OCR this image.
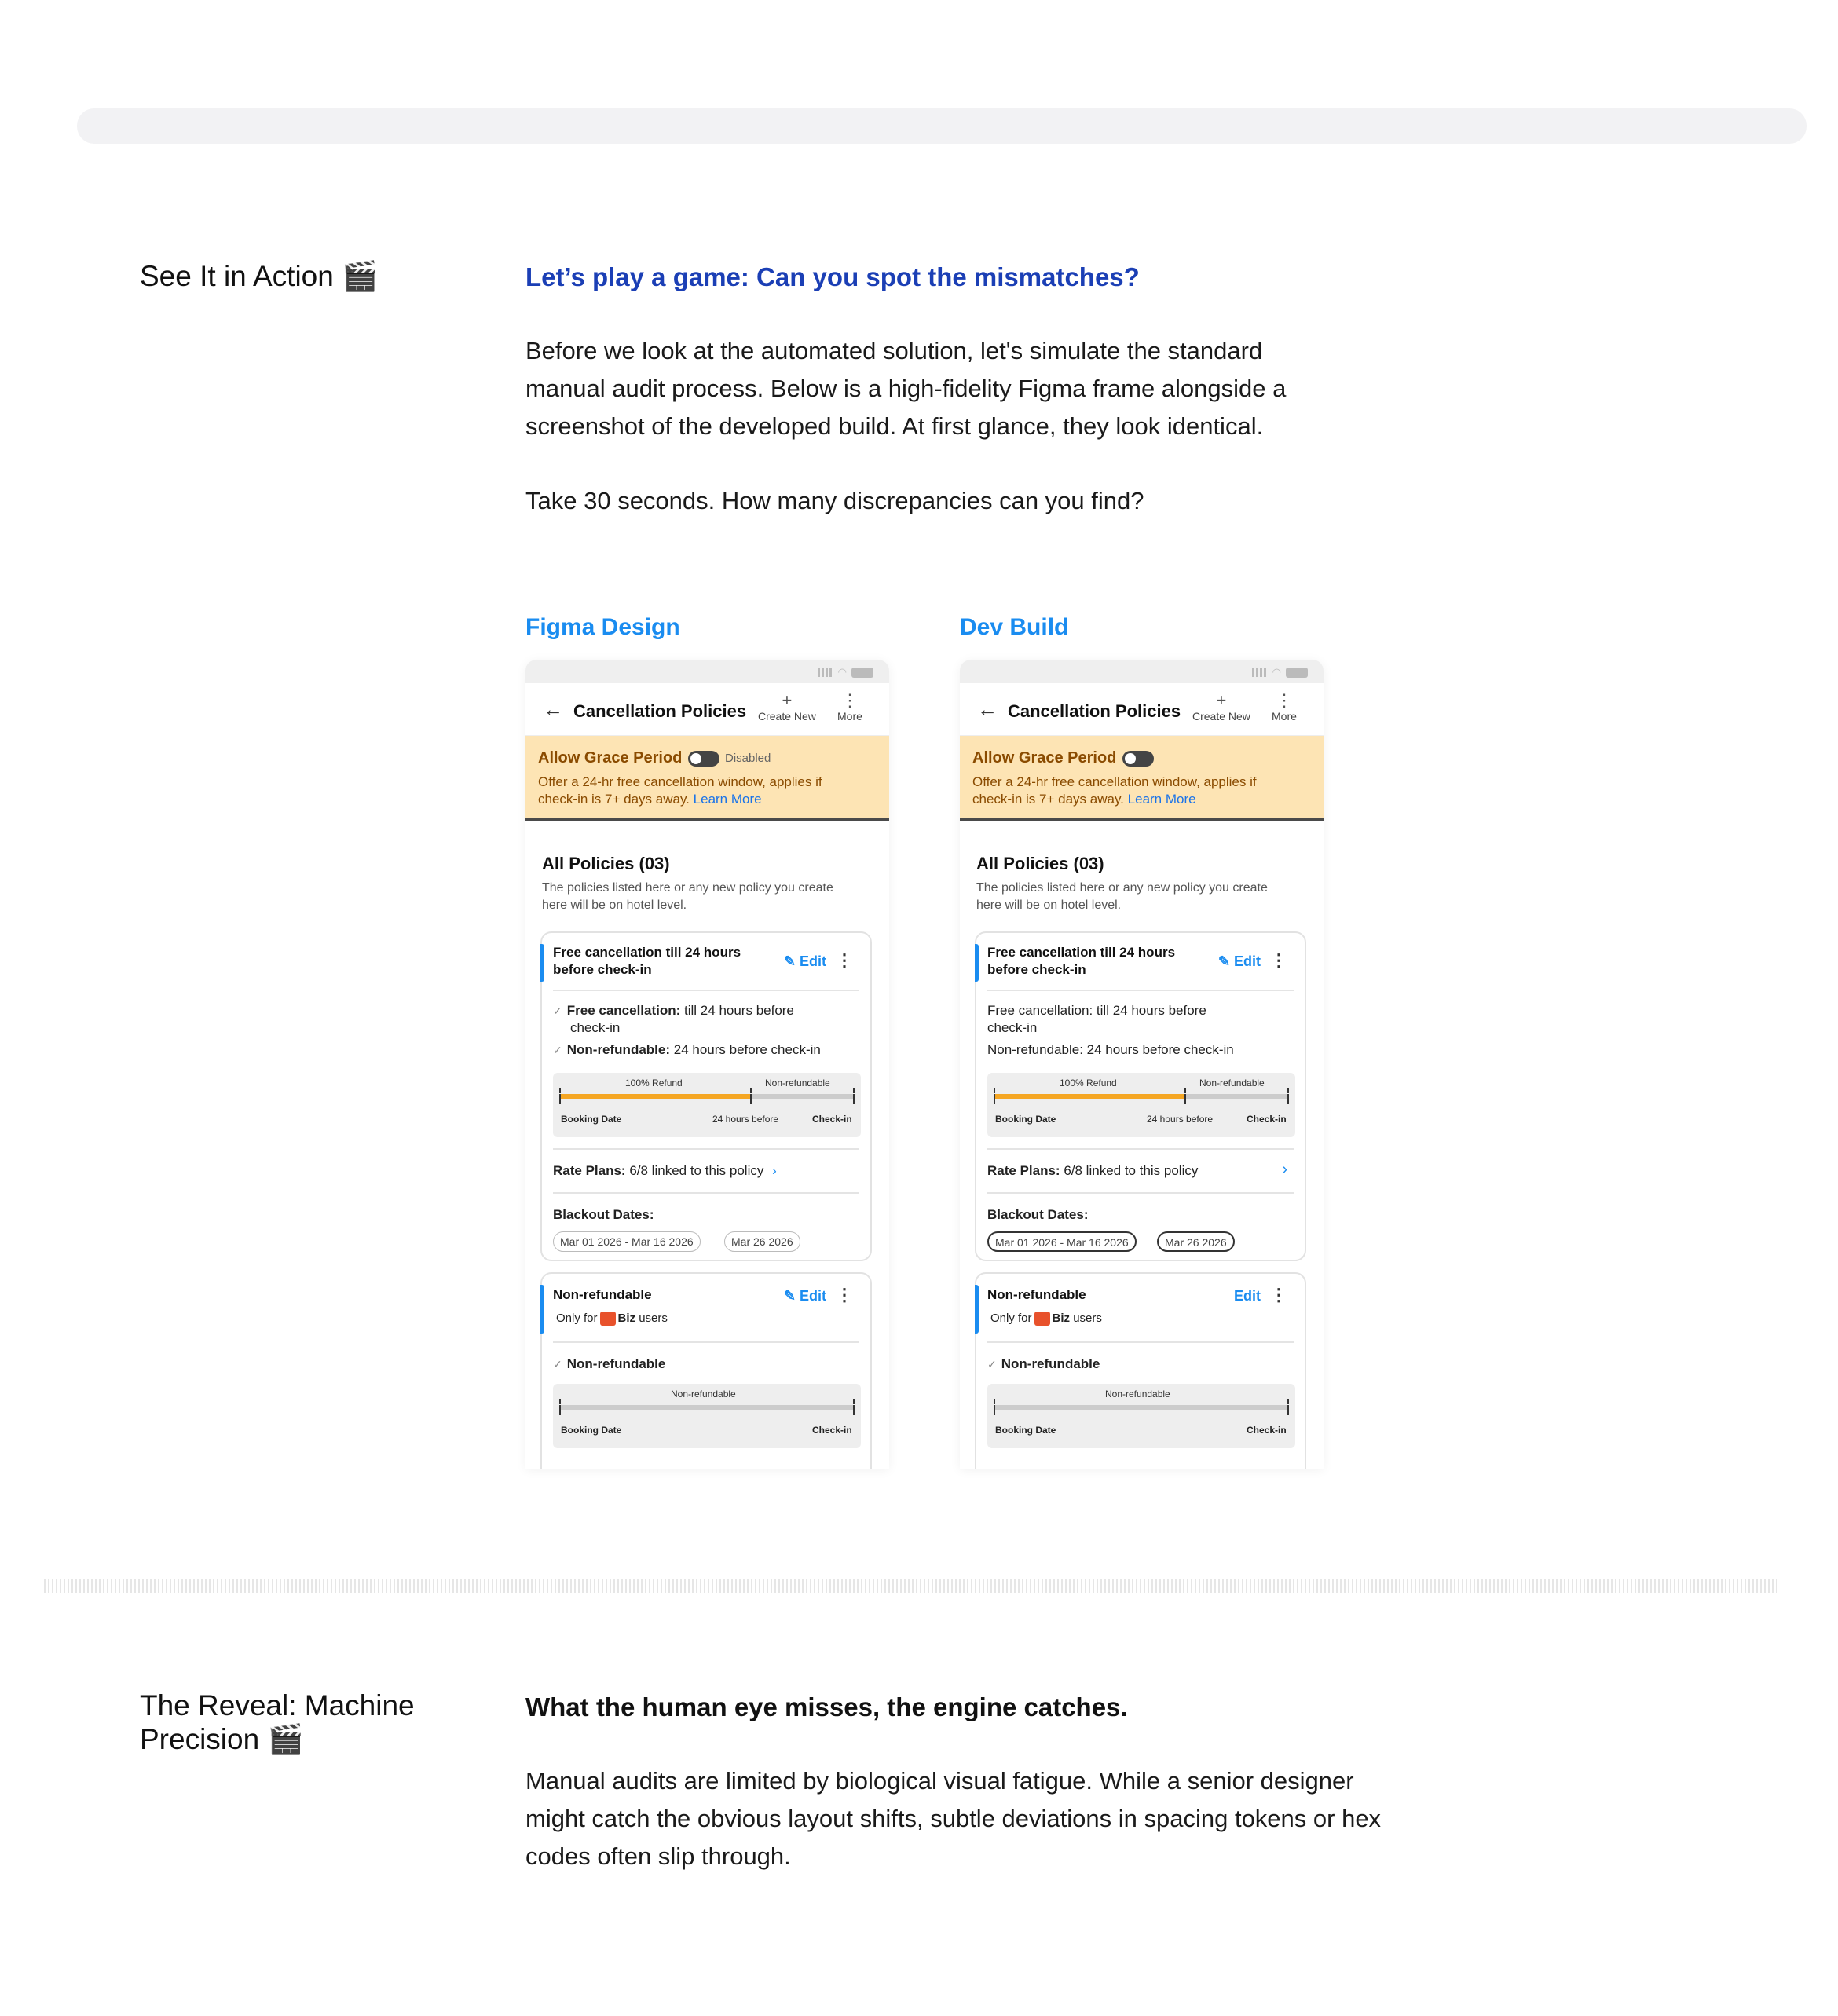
See It in Action 🎬	Let’s play a game: Can you spot the mismatches?
Before we look at the automated solution, let's simulate the standard
manual audit process. Below is a high-fidelity Figma frame alongside a
screenshot of the developed build. At first glance, they look identical.
Take 30 seconds. How many discrepancies can you find?
Figma Design	Dev Build
◠
← Cancellation Policies
+
Create New
⋮
More
Allow Grace Period	Disabled
Offer a 24-hr free cancellation window, applies if
check-in is 7+ days away. Learn More
All Policies (03)
The policies listed here or any new policy you create
here will be on hotel level.
Free cancellation till 24 hours
before check-in
✎ Edit ⋮
✓ Free cancellation: till 24 hours before
check-in
✓ Non-refundable: 24 hours before check-in
100% Refund	Non-refundable
Booking Date	24 hours before	Check-in
Rate Plans: 6/8 linked to this policy ›
Blackout Dates:
Mar 01 2026 - Mar 16 2026	Mar 26 2026
Non-refundable
Only for Biz users
✎ Edit ⋮
✓ Non-refundable
Non-refundable
Booking Date	Check-in
◠
← Cancellation Policies
+
Create New
⋮
More
Allow Grace Period
Offer a 24-hr free cancellation window, applies if
check-in is 7+ days away. Learn More
All Policies (03)
The policies listed here or any new policy you create
here will be on hotel level.
Free cancellation till 24 hours
before check-in
✎ Edit ⋮
Free cancellation: till 24 hours before
check-in
Non-refundable: 24 hours before check-in
100% Refund	Non-refundable
Booking Date	24 hours before	Check-in
Rate Plans: 6/8 linked to this policy	›
Blackout Dates:
Mar 01 2026 - Mar 16 2026	Mar 26 2026
Non-refundable
Only for Biz users
Edit ⋮
✓ Non-refundable
Non-refundable
Booking Date	Check-in
The Reveal: Machine
Precision 🎬
What the human eye misses, the engine catches.
Manual audits are limited by biological visual fatigue. While a senior designer
might catch the obvious layout shifts, subtle deviations in spacing tokens or hex
codes often slip through.
